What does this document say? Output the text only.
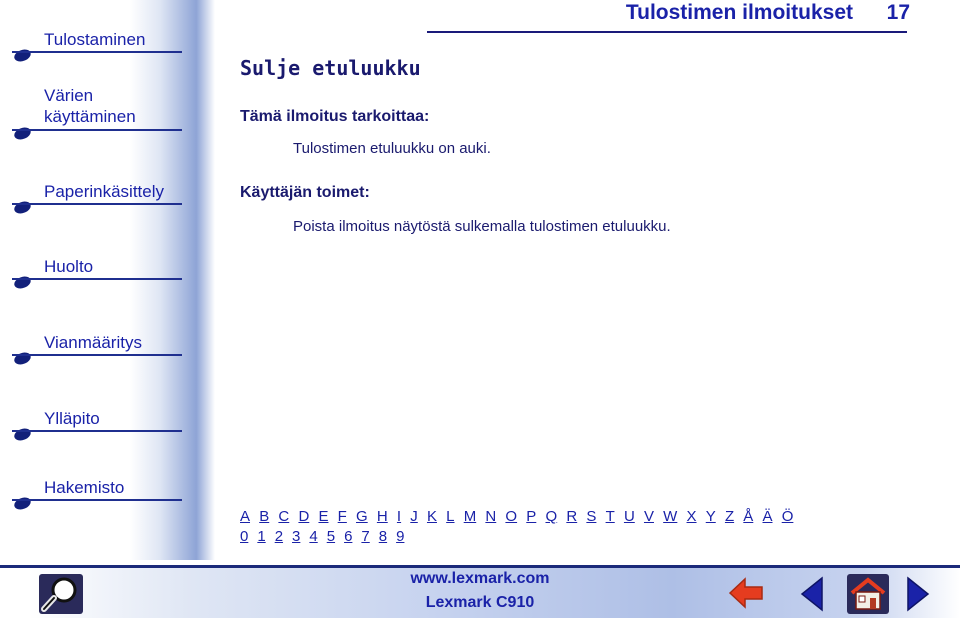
Tulostaminen
Värien käyttäminen
Paperinkäsittely
Huolto
Vianmääritys
Ylläpito
Hakemisto
Tulostimen ilmoitukset	17
Sulje etuluukku
Tämä ilmoitus tarkoittaa:
Tulostimen etuluukku on auki.
Käyttäjän toimet:
Poista ilmoitus näytöstä sulkemalla tulostimen etuluukku.
A B C D E F G H I J K L M N O P Q R S T U V W X Y Z Å Ä Ö
0 1 2 3 4 5 6 7 8 9
www.lexmark.com
Lexmark C910
